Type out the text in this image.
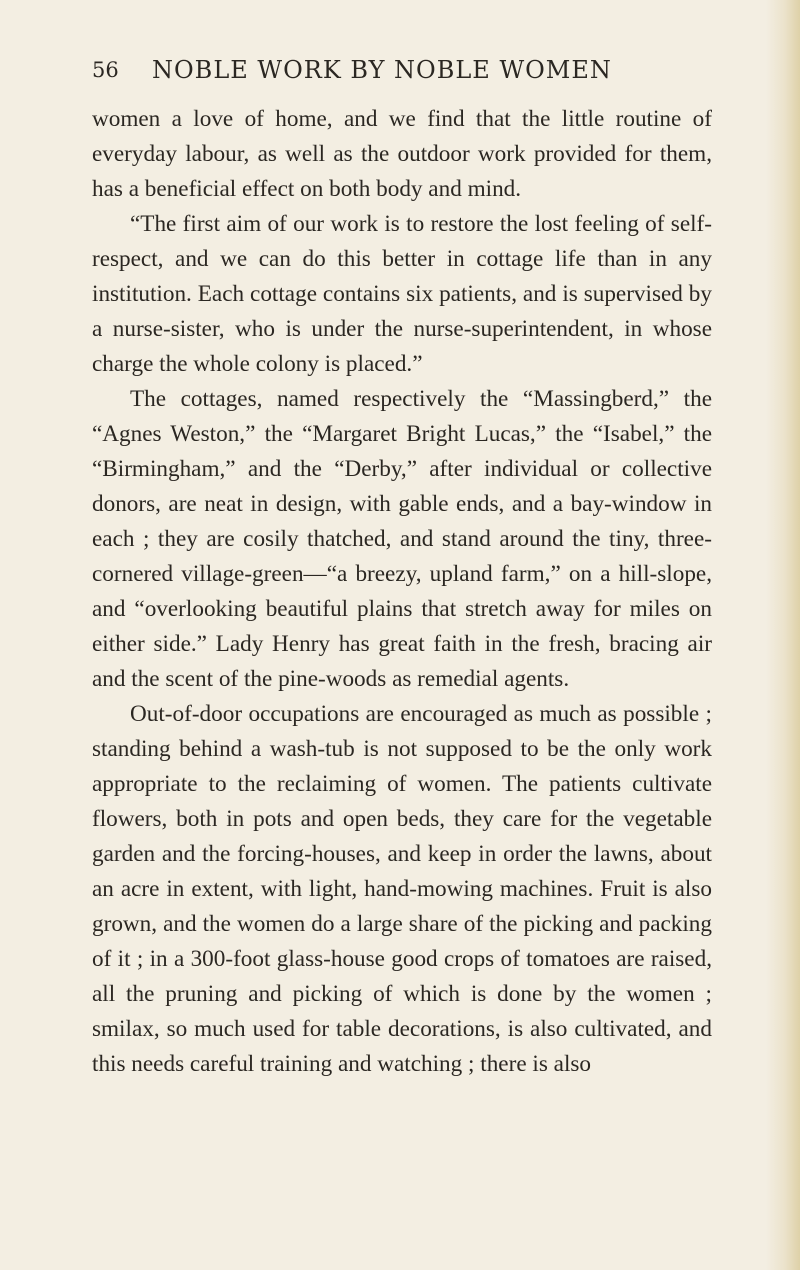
56 NOBLE WORK BY NOBLE WOMEN

women a love of home, and we find that the little routine of everyday labour, as well as the outdoor work provided for them, has a beneficial effect on both body and mind.

“The first aim of our work is to restore the lost feeling of self-respect, and we can do this better in cottage life than in any institution. Each cottage contains six patients, and is supervised by a nurse-sister, who is under the nurse-superintendent, in whose charge the whole colony is placed.”

The cottages, named respectively the “Massingberd,” the “Agnes Weston,” the “Margaret Bright Lucas,” the “Isabel,” the “Birmingham,” and the “Derby,” after individual or collective donors, are neat in design, with gable ends, and a bay-window in each ; they are cosily thatched, and stand around the tiny, three-cornered village-green—“a breezy, upland farm,” on a hill-slope, and “overlooking beautiful plains that stretch away for miles on either side.” Lady Henry has great faith in the fresh, bracing air and the scent of the pine-woods as remedial agents.

Out-of-door occupations are encouraged as much as possible ; standing behind a wash-tub is not supposed to be the only work appropriate to the reclaiming of women. The patients cultivate flowers, both in pots and open beds, they care for the vegetable garden and the forcing-houses, and keep in order the lawns, about an acre in extent, with light, hand-mowing machines. Fruit is also grown, and the women do a large share of the picking and packing of it ; in a 300-foot glass-house good crops of tomatoes are raised, all the pruning and picking of which is done by the women ; smilax, so much used for table decorations, is also cultivated, and this needs careful training and watching ; there is also
